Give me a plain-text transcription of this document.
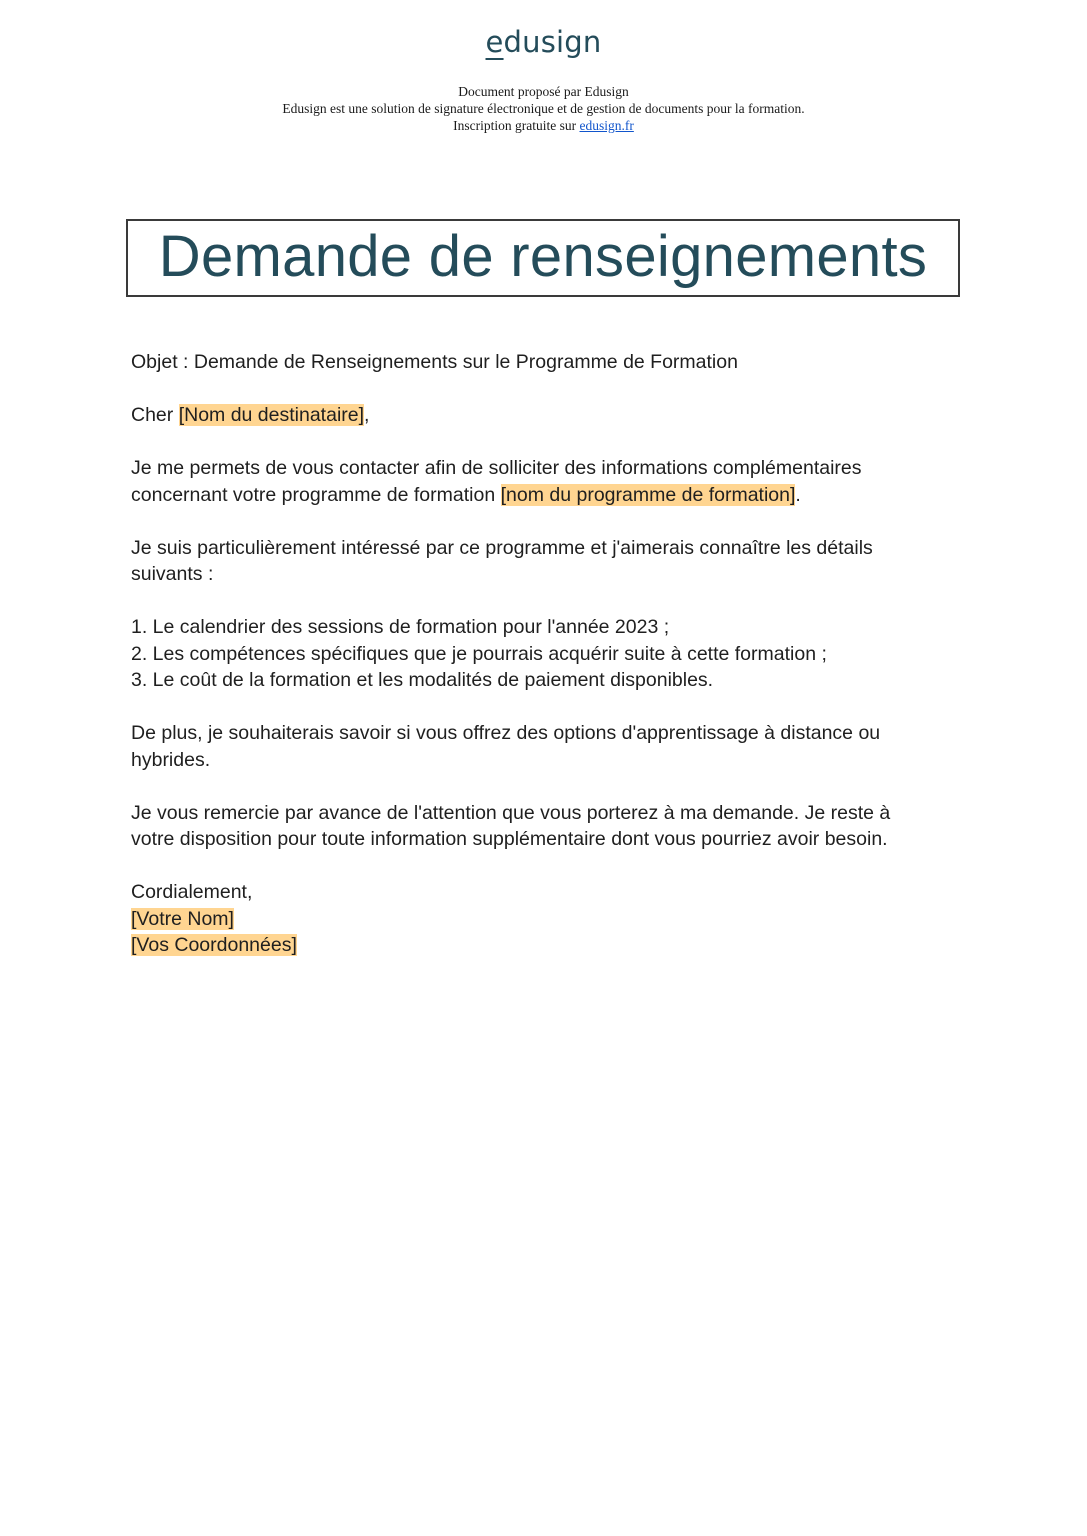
edusign
Document proposé par Edusign
Edusign est une solution de signature électronique et de gestion de documents pour la formation.
Inscription gratuite sur edusign.fr
Demande de renseignements

Objet : Demande de Renseignements sur le Programme de Formation

Cher [Nom du destinataire],

Je me permets de vous contacter afin de solliciter des informations complémentaires concernant votre programme de formation [nom du programme de formation].

Je suis particulièrement intéressé par ce programme et j'aimerais connaître les détails suivants :

1. Le calendrier des sessions de formation pour l'année 2023 ;
2. Les compétences spécifiques que je pourrais acquérir suite à cette formation ;
3. Le coût de la formation et les modalités de paiement disponibles.

De plus, je souhaiterais savoir si vous offrez des options d'apprentissage à distance ou hybrides.

Je vous remercie par avance de l'attention que vous porterez à ma demande. Je reste à votre disposition pour toute information supplémentaire dont vous pourriez avoir besoin.

Cordialement,
[Votre Nom]
[Vos Coordonnées]
